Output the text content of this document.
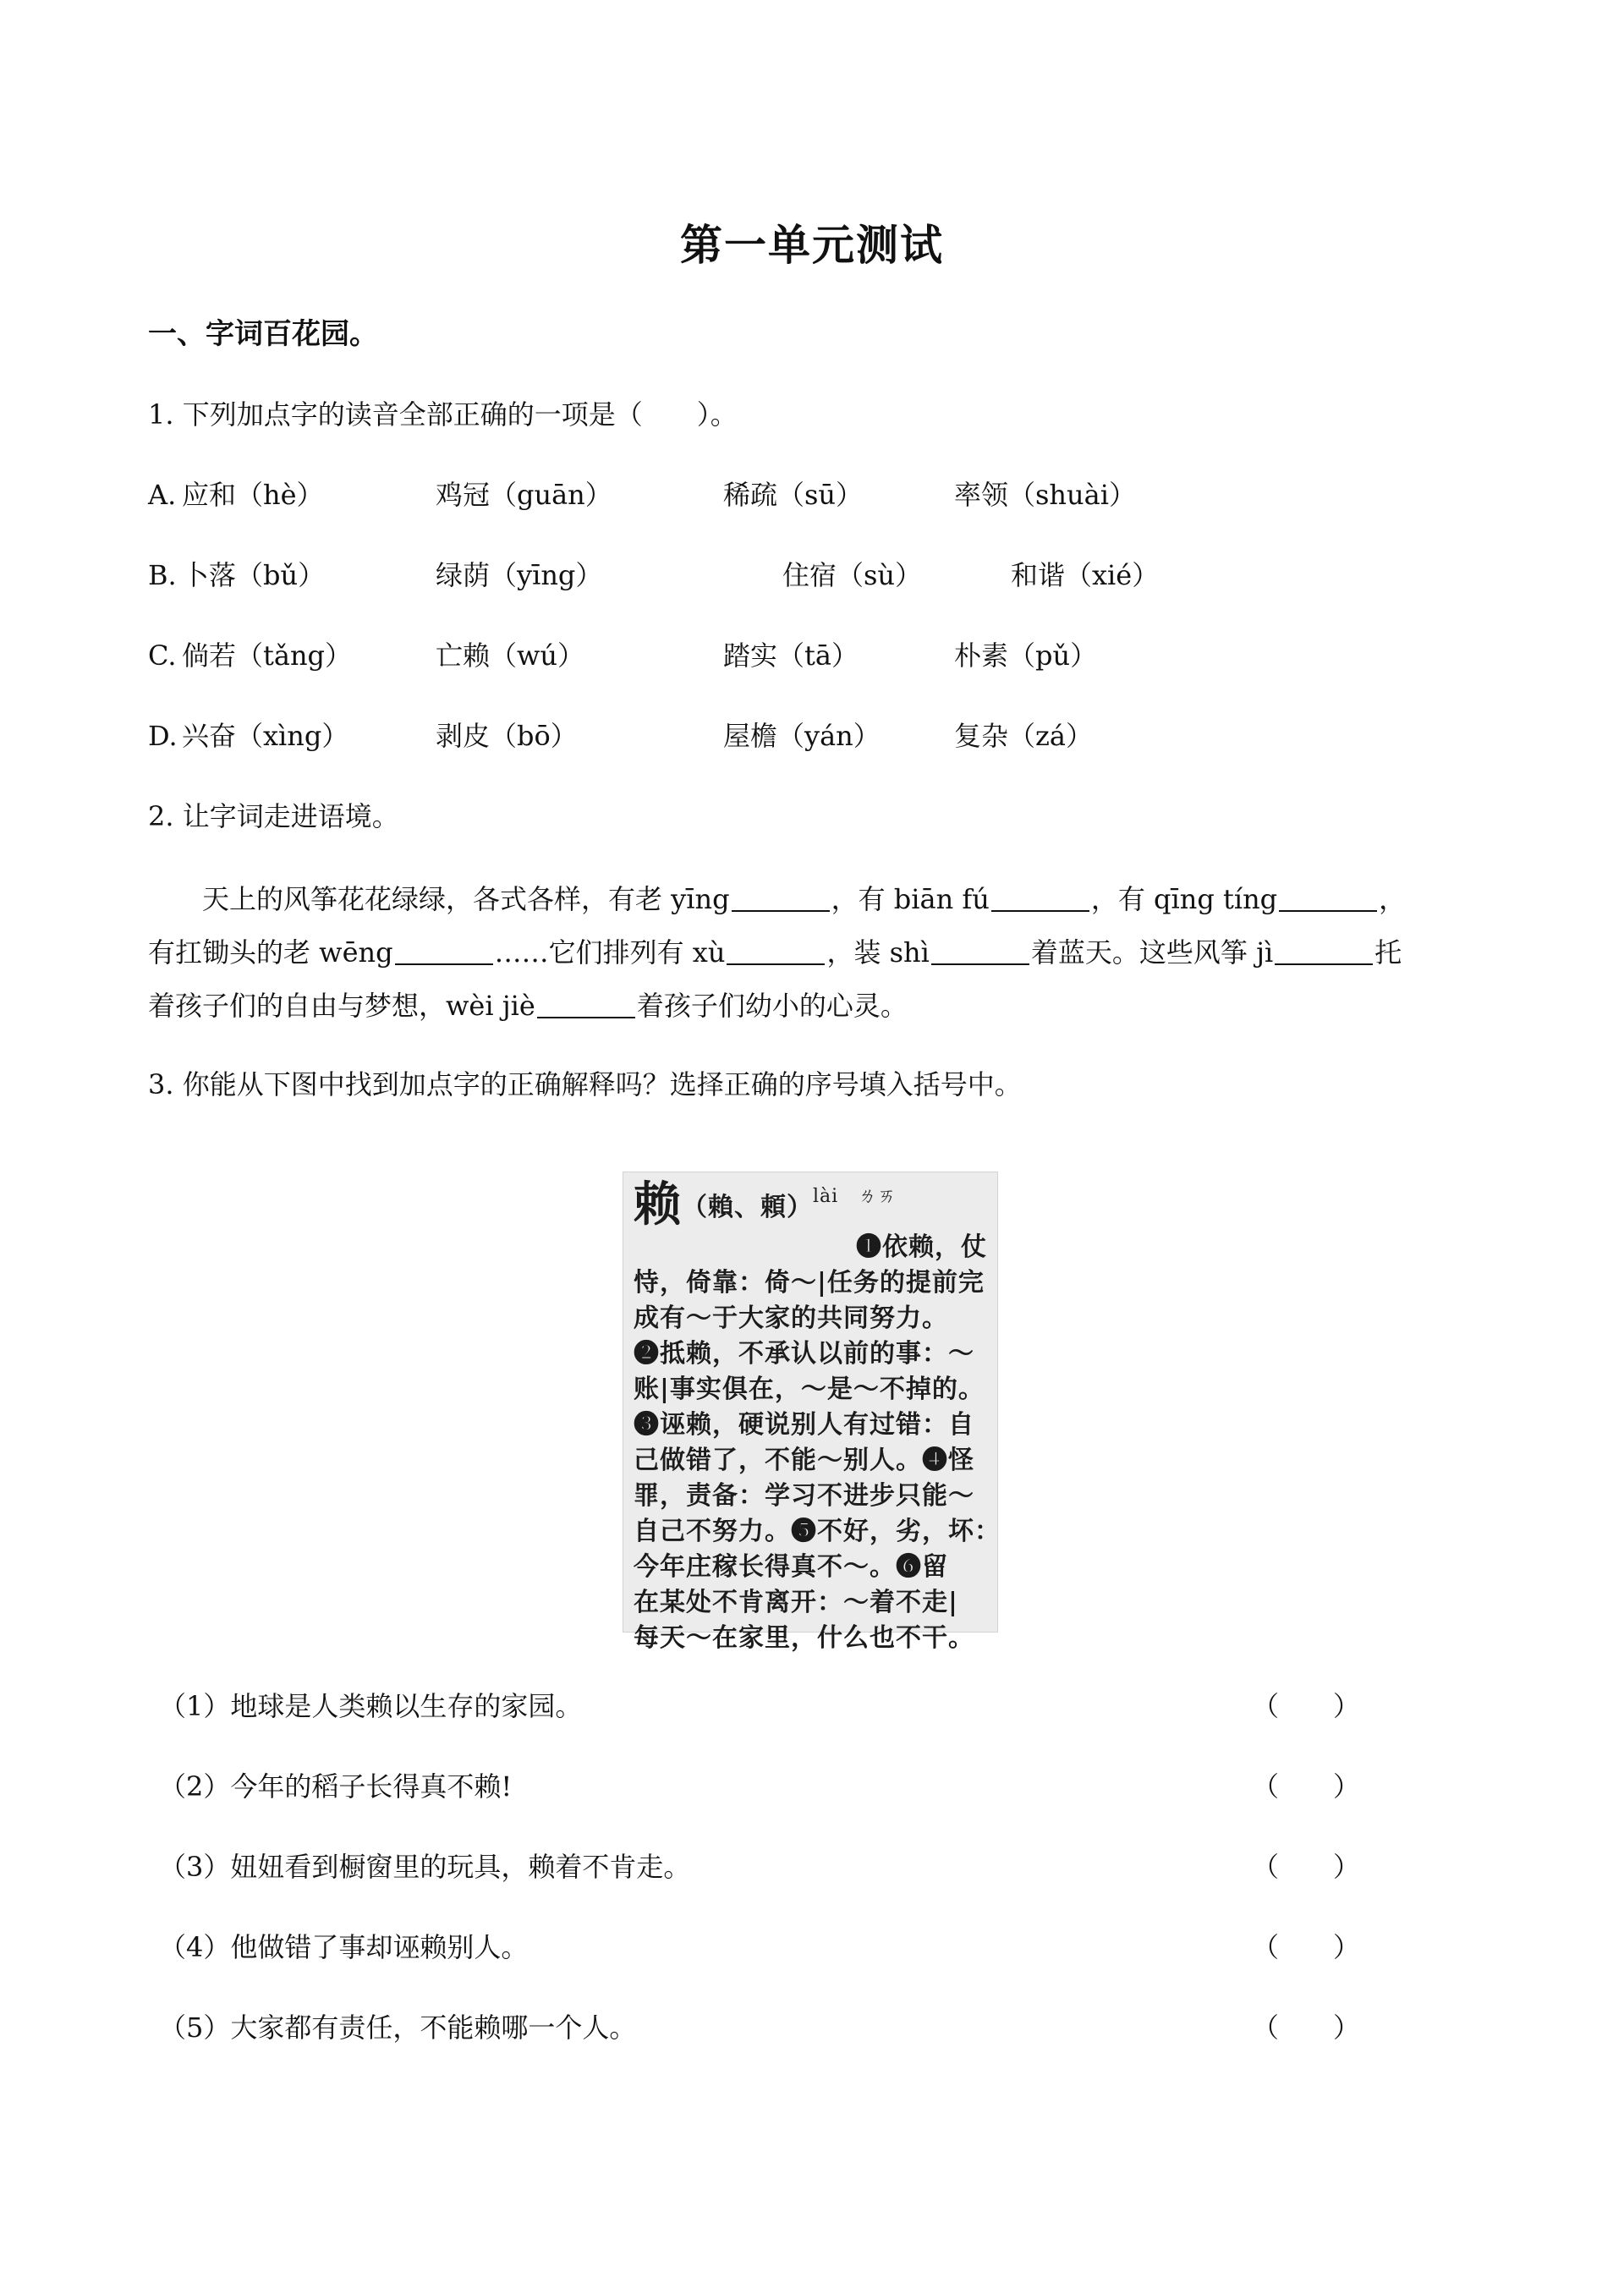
第一单元测试
一、字词百花园。
1. 下列加点字的读音全部正确的一项是（　　）。
A. 应和（hè）	鸡冠（guān）	稀疏（sū）	率领（shuài）
B. 卜落（bǔ）	绿荫（yīng）	住宿（sù）	和谐（xié）
C. 倘若（tǎng）	亡赖（wú）	踏实（tā）	朴素（pǔ）
D. 兴奋（xìng）	剥皮（bō）	屋檐（yán）	复杂（zá）
2. 让字词走进语境。

天上的风筝花花绿绿，各式各样，有老 yīng	，有 biān fú	，有 qīng tíng	，

有扛锄头的老 wēng	……它们排列有 xù	，装 shì	着蓝天。这些风筝 jì	托

着孩子们的自由与梦想，wèi jiè	着孩子们幼小的心灵。

3. 你能从下图中找到加点字的正确解释吗？选择正确的序号填入括号中。
赖（賴、頼）$^{lài ㄌㄞ}$
❶依赖，仗
恃，倚靠：倚～|任务的提前完
成有～于大家的共同努力。
❷抵赖，不承认以前的事：～
账|事实俱在，～是～不掉的。
❸诬赖，硬说别人有过错：自
己做错了，不能～别人。❹怪
罪，责备：学习不进步只能～
自己不努力。❺不好，劣，坏：
今年庄稼长得真不～。❻留
在某处不肯离开：～着不走|
每天～在家里，什么也不干。
（1）地球是人类赖以生存的家园。	（ ）
（2）今年的稻子长得真不赖!	（ ）
（3）妞妞看到橱窗里的玩具，赖着不肯走。	（ ）
（4）他做错了事却诬赖别人。	（ ）
（5）大家都有责任，不能赖哪一个人。	（ ）
